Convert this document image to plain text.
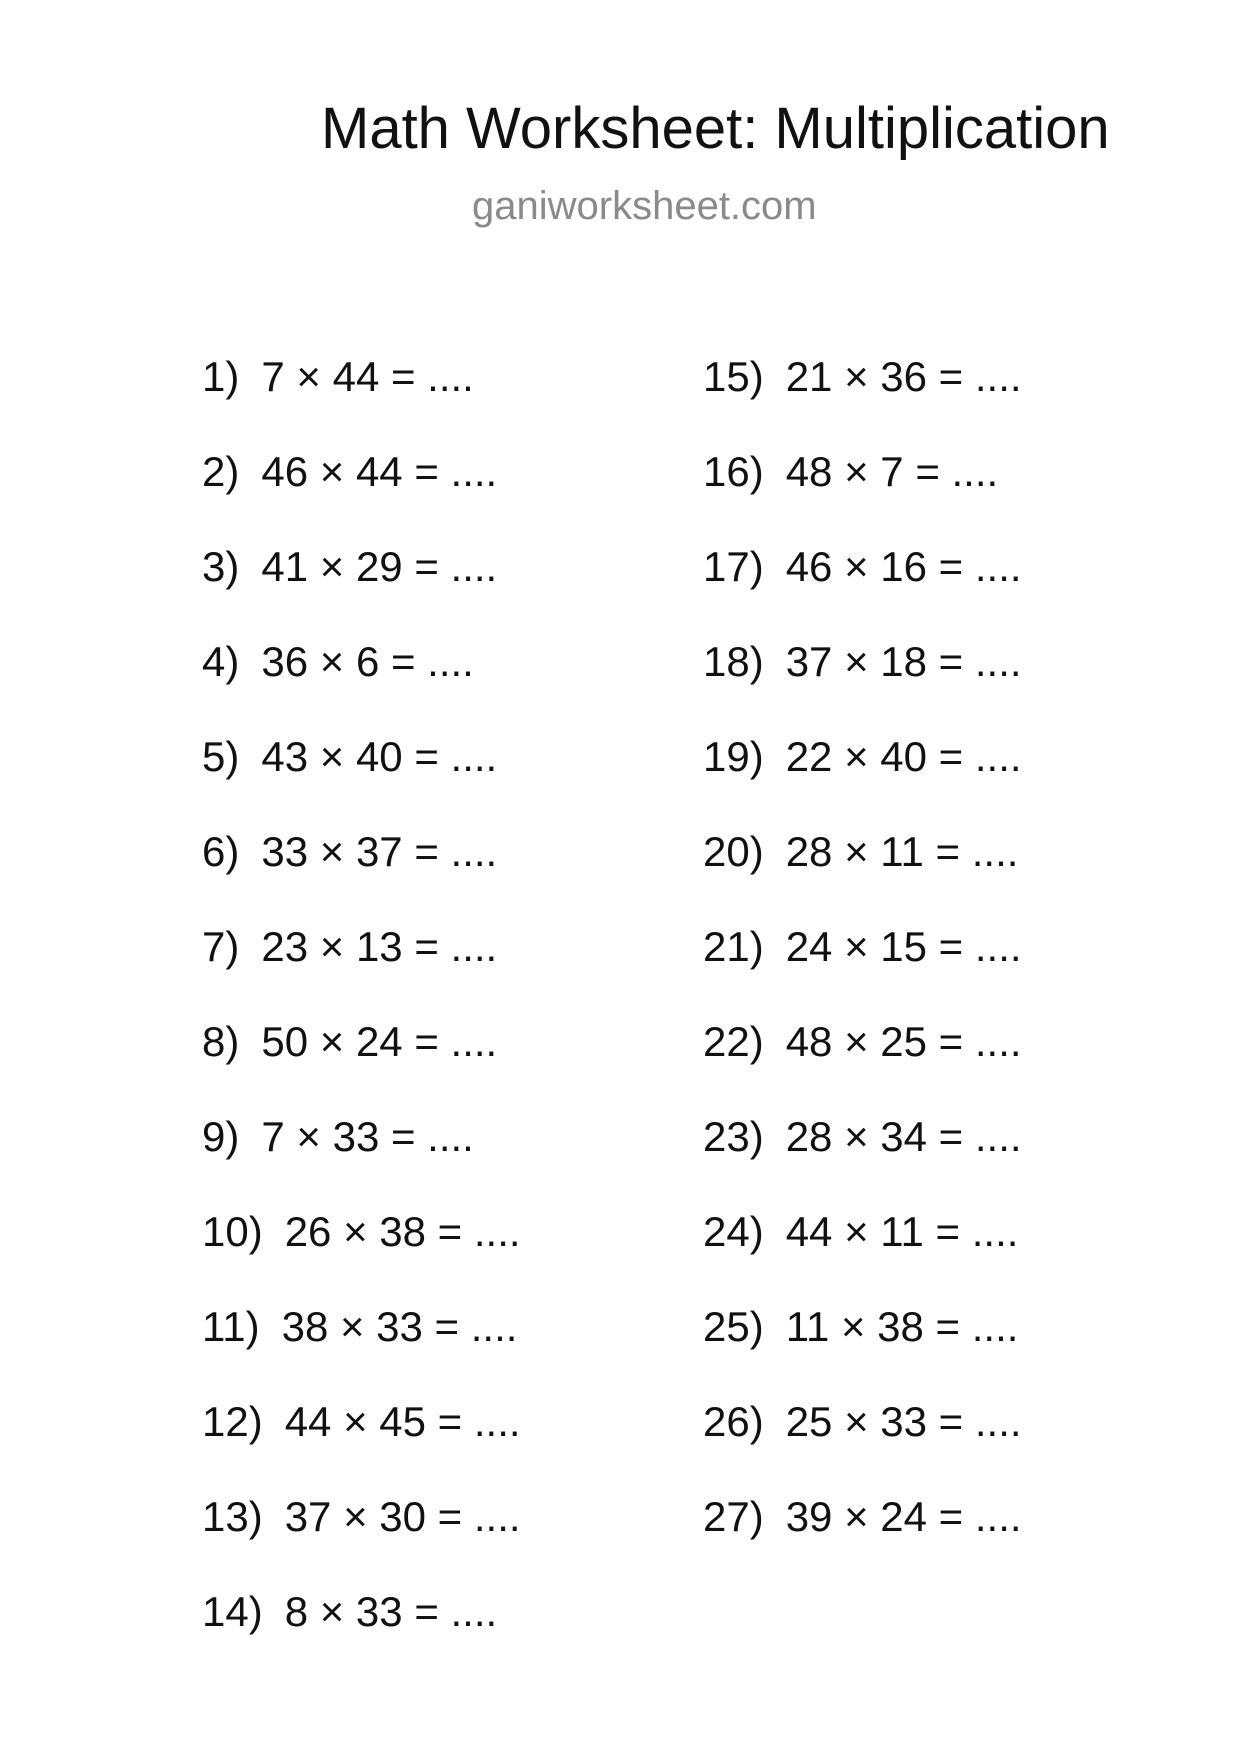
Math Worksheet: Multiplication
ganiworksheet.com
1) 7 × 44 = ....
2) 46 × 44 = ....
3) 41 × 29 = ....
4) 36 × 6 = ....
5) 43 × 40 = ....
6) 33 × 37 = ....
7) 23 × 13 = ....
8) 50 × 24 = ....
9) 7 × 33 = ....
10) 26 × 38 = ....
11) 38 × 33 = ....
12) 44 × 45 = ....
13) 37 × 30 = ....
14) 8 × 33 = ....
15) 21 × 36 = ....
16) 48 × 7 = ....
17) 46 × 16 = ....
18) 37 × 18 = ....
19) 22 × 40 = ....
20) 28 × 11 = ....
21) 24 × 15 = ....
22) 48 × 25 = ....
23) 28 × 34 = ....
24) 44 × 11 = ....
25) 11 × 38 = ....
26) 25 × 33 = ....
27) 39 × 24 = ....
